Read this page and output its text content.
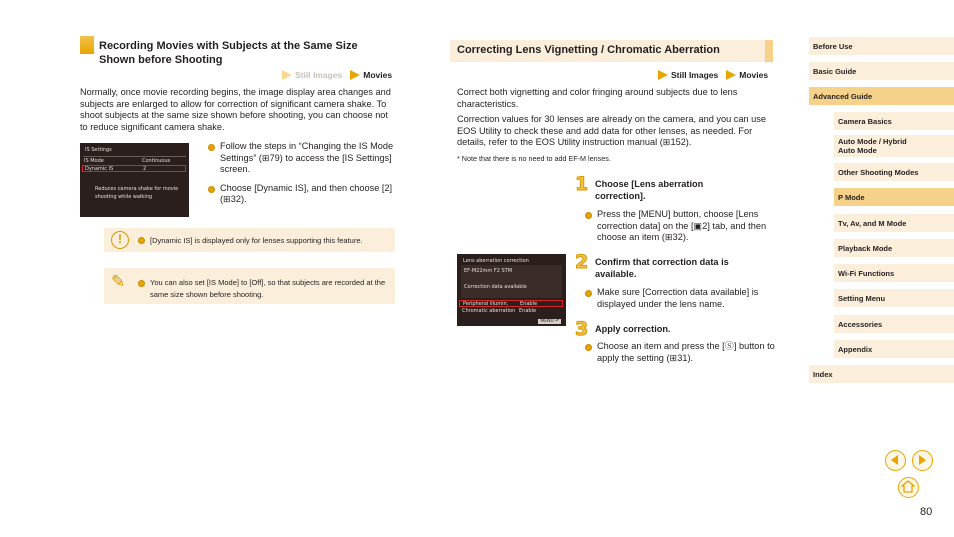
Recording Movies with Subjects at the Same Size
Shown before Shooting
Still Images Movies

Normally, once movie recording begins, the image display area changes and subjects are enlarged to allow for correction of significant camera shake. To shoot subjects at the same size shown before shooting, you can choose not to reduce significant camera shake.

IS Settings
IS Mode	Continuous
Dynamic IS	2
Reduces camera shake for movie
shooting while walking
Follow the steps in “Changing the IS Mode Settings” (⊞79) to access the [IS Settings] screen.
Choose [Dynamic IS], and then choose [2] (⊞32).
!	[Dynamic IS] is displayed only for lenses supporting this feature.
✎	You can also set [IS Mode] to [Off], so that subjects are recorded at the same size shown before shooting.
Correcting Lens Vignetting / Chromatic Aberration
Still Images Movies

Correct both vignetting and color fringing around subjects due to lens characteristics.

Correction values for 30 lenses are already on the camera, and you can use EOS Utility to check these and add data for other lenses, as needed. For details, refer to the EOS Utility instruction manual (⊞152).

* Note that there is no need to add EF-M lenses.

Lens aberration correction
EF-M22mm F2 STM
Correction data available
Peripheral illumin. Enable
Chromatic aberration Enable
MENU ↶
1 Choose [Lens aberration correction].
Press the [MENU] button, choose [Lens correction data] on the [▣2] tab, and then choose an item (⊞32).
2 Confirm that correction data is available.
Make sure [Correction data available] is displayed under the lens name.
3 Apply correction.
Choose an item and press the [Ⓢ] button to apply the setting (⊞31).
Before Use
Basic Guide
Advanced Guide
Camera Basics
Auto Mode / Hybrid Auto Mode
Other Shooting Modes
P Mode
Tv, Av, and M Mode
Playback Mode
Wi-Fi Functions
Setting Menu
Accessories
Appendix
Index
80
